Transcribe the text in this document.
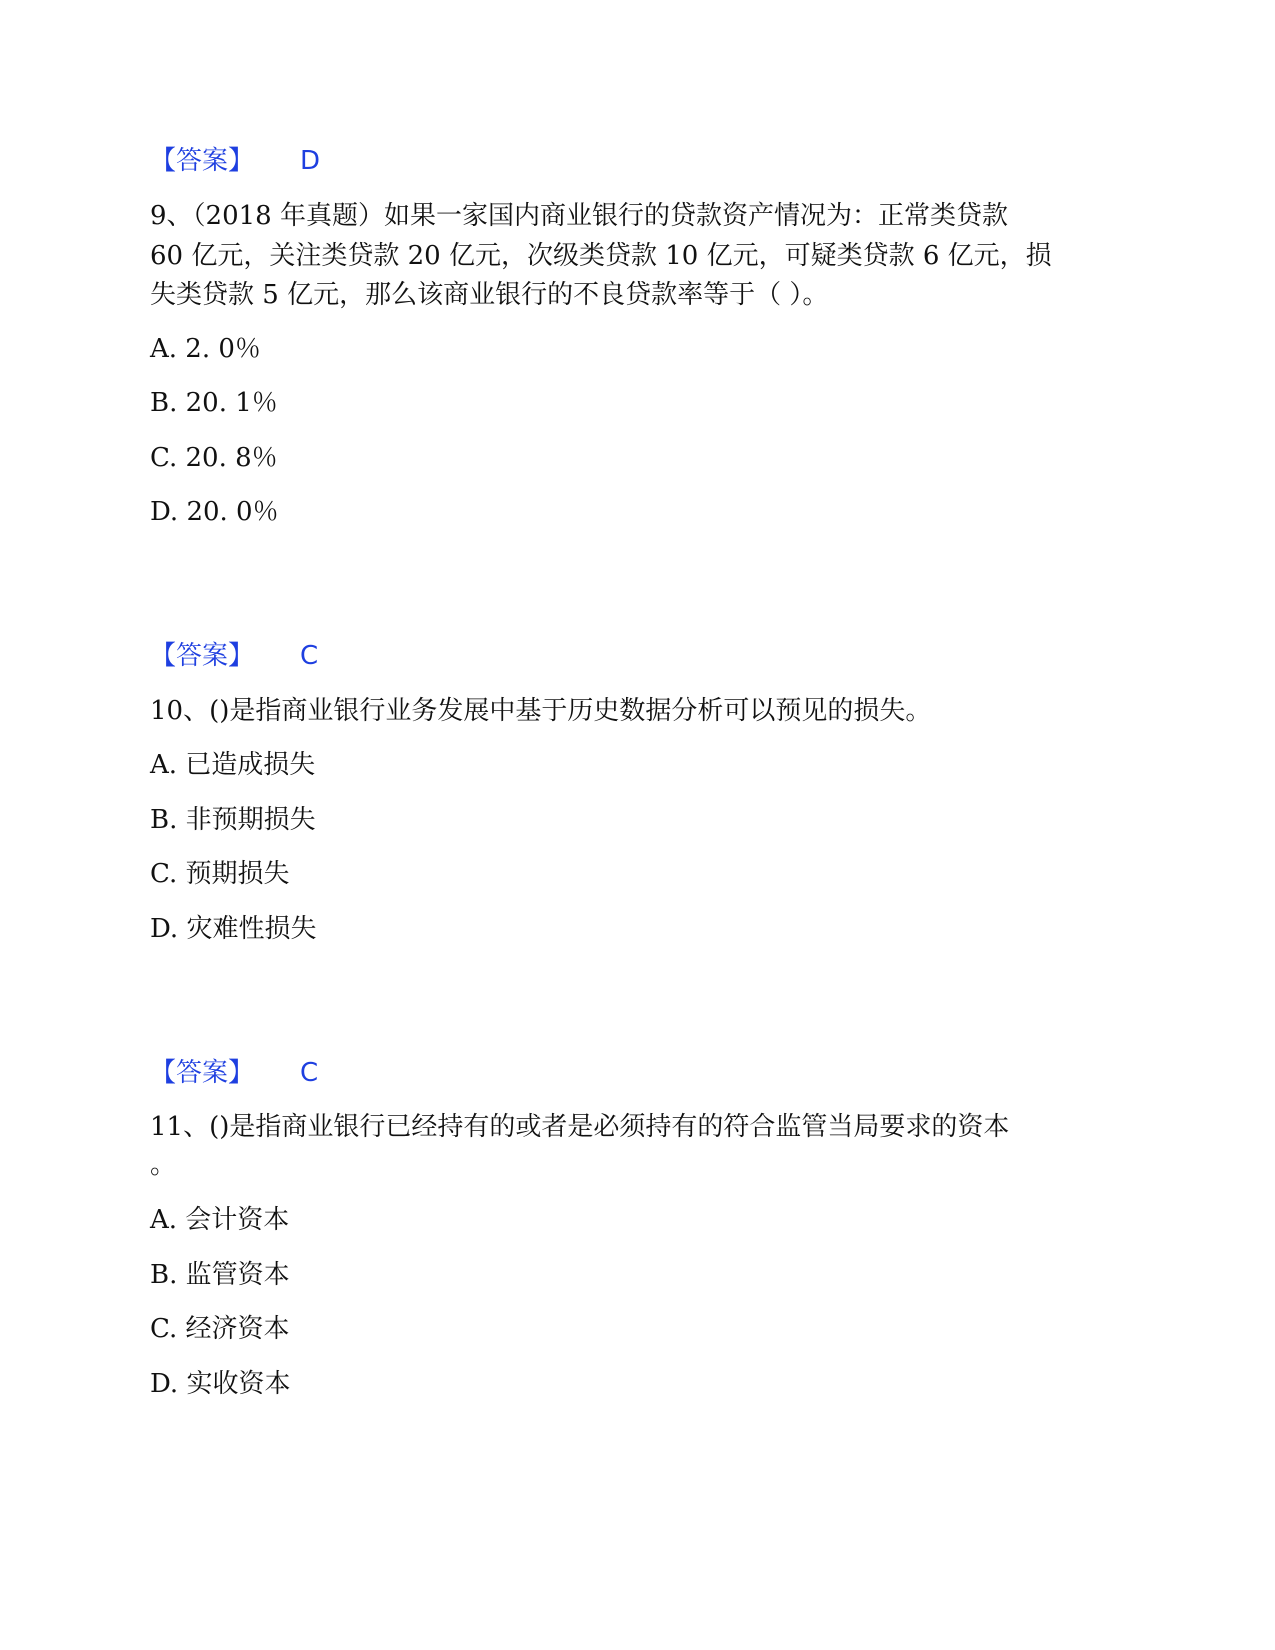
【答案】 D
9、（2018 年真题）如果一家国内商业银行的贷款资产情况为：正常类贷款
60 亿元，关注类贷款 20 亿元，次级类贷款 10 亿元，可疑类贷款 6 亿元，损
失类贷款 5 亿元，那么该商业银行的不良贷款率等于（ ）。
A. 2. 0％
B. 20. 1％
C. 20. 8％
D. 20. 0％
【答案】 C
10、()是指商业银行业务发展中基于历史数据分析可以预见的损失。
A. 已造成损失
B. 非预期损失
C. 预期损失
D. 灾难性损失
【答案】 C
11、()是指商业银行已经持有的或者是必须持有的符合监管当局要求的资本
。
A. 会计资本
B. 监管资本
C. 经济资本
D. 实收资本
